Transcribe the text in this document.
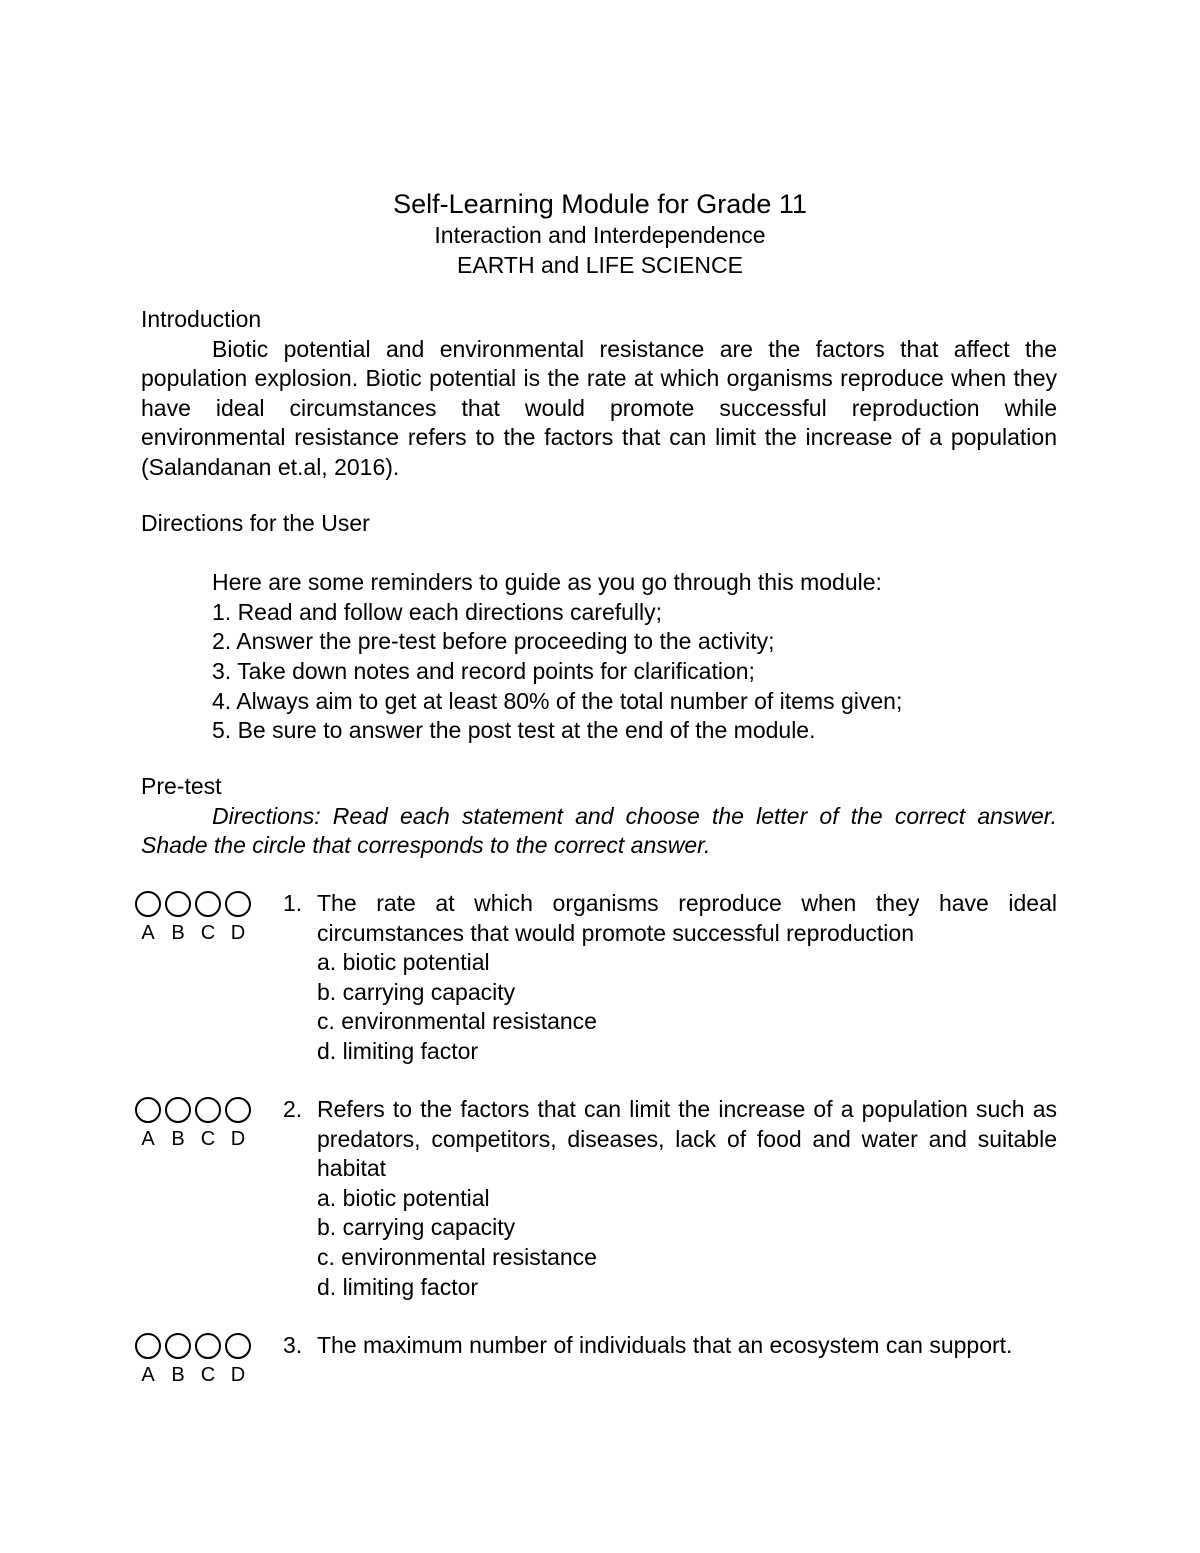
Self-Learning Module for Grade 11
Interaction and Interdependence
EARTH and LIFE SCIENCE
Introduction

Biotic potential and environmental resistance are the factors that affect the population explosion. Biotic potential is the rate at which organisms reproduce when they have ideal circumstances that would promote successful reproduction while environmental resistance refers to the factors that can limit the increase of a population (Salandanan et.al, 2016).

Directions for the User
Here are some reminders to guide as you go through this module:
1. Read and follow each directions carefully;
2. Answer the pre-test before proceeding to the activity;
3. Take down notes and record points for clarification;
4. Always aim to get at least 80% of the total number of items given;
5. Be sure to answer the post test at the end of the module.
Pre-test

Directions: Read each statement and choose the letter of the correct answer. Shade the circle that corresponds to the correct answer.

A B C D
1. The rate at which organisms reproduce when they have ideal circumstances that would promote successful reproduction
a. biotic potential
b. carrying capacity
c. environmental resistance
d. limiting factor
A B C D
2. Refers to the factors that can limit the increase of a population such as predators, competitors, diseases, lack of food and water and suitable habitat
a. biotic potential
b. carrying capacity
c. environmental resistance
d. limiting factor
A B C D
3. The maximum number of individuals that an ecosystem can support.
